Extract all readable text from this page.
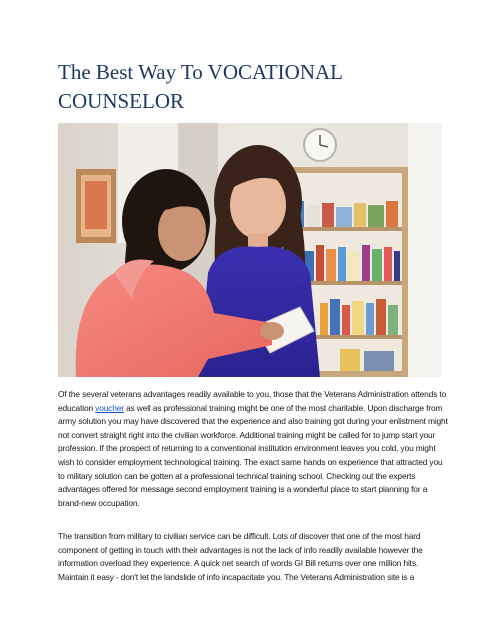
The Best Way To VOCATIONAL
COUNSELOR

Of the several veterans advantages readily available to you, those that the Veterans Administration attends to education voucher as well as professional training might be one of the most charitable. Upon discharge from army solution you may have discovered that the experience and also training got during your enlistment might not convert straight right into the civilian workforce. Additional training might be called for to jump start your profession. If the prospect of returning to a conventional institution environment leaves you cold, you might wish to consider employment technological training. The exact same hands on experience that attracted you to military solution can be gotten at a professional technical training school. Checking out the experts advantages offered for message second employment training is a wonderful place to start planning for a brand-new occupation.

The transition from military to civilian service can be difficult. Lots of discover that one of the most hard component of getting in touch with their advantages is not the lack of info readily available however the information overload they experience. A quick net search of words GI Bill returns over one million hits. Maintain it easy - don't let the landslide of info incapacitate you. The Veterans Administration site is a
